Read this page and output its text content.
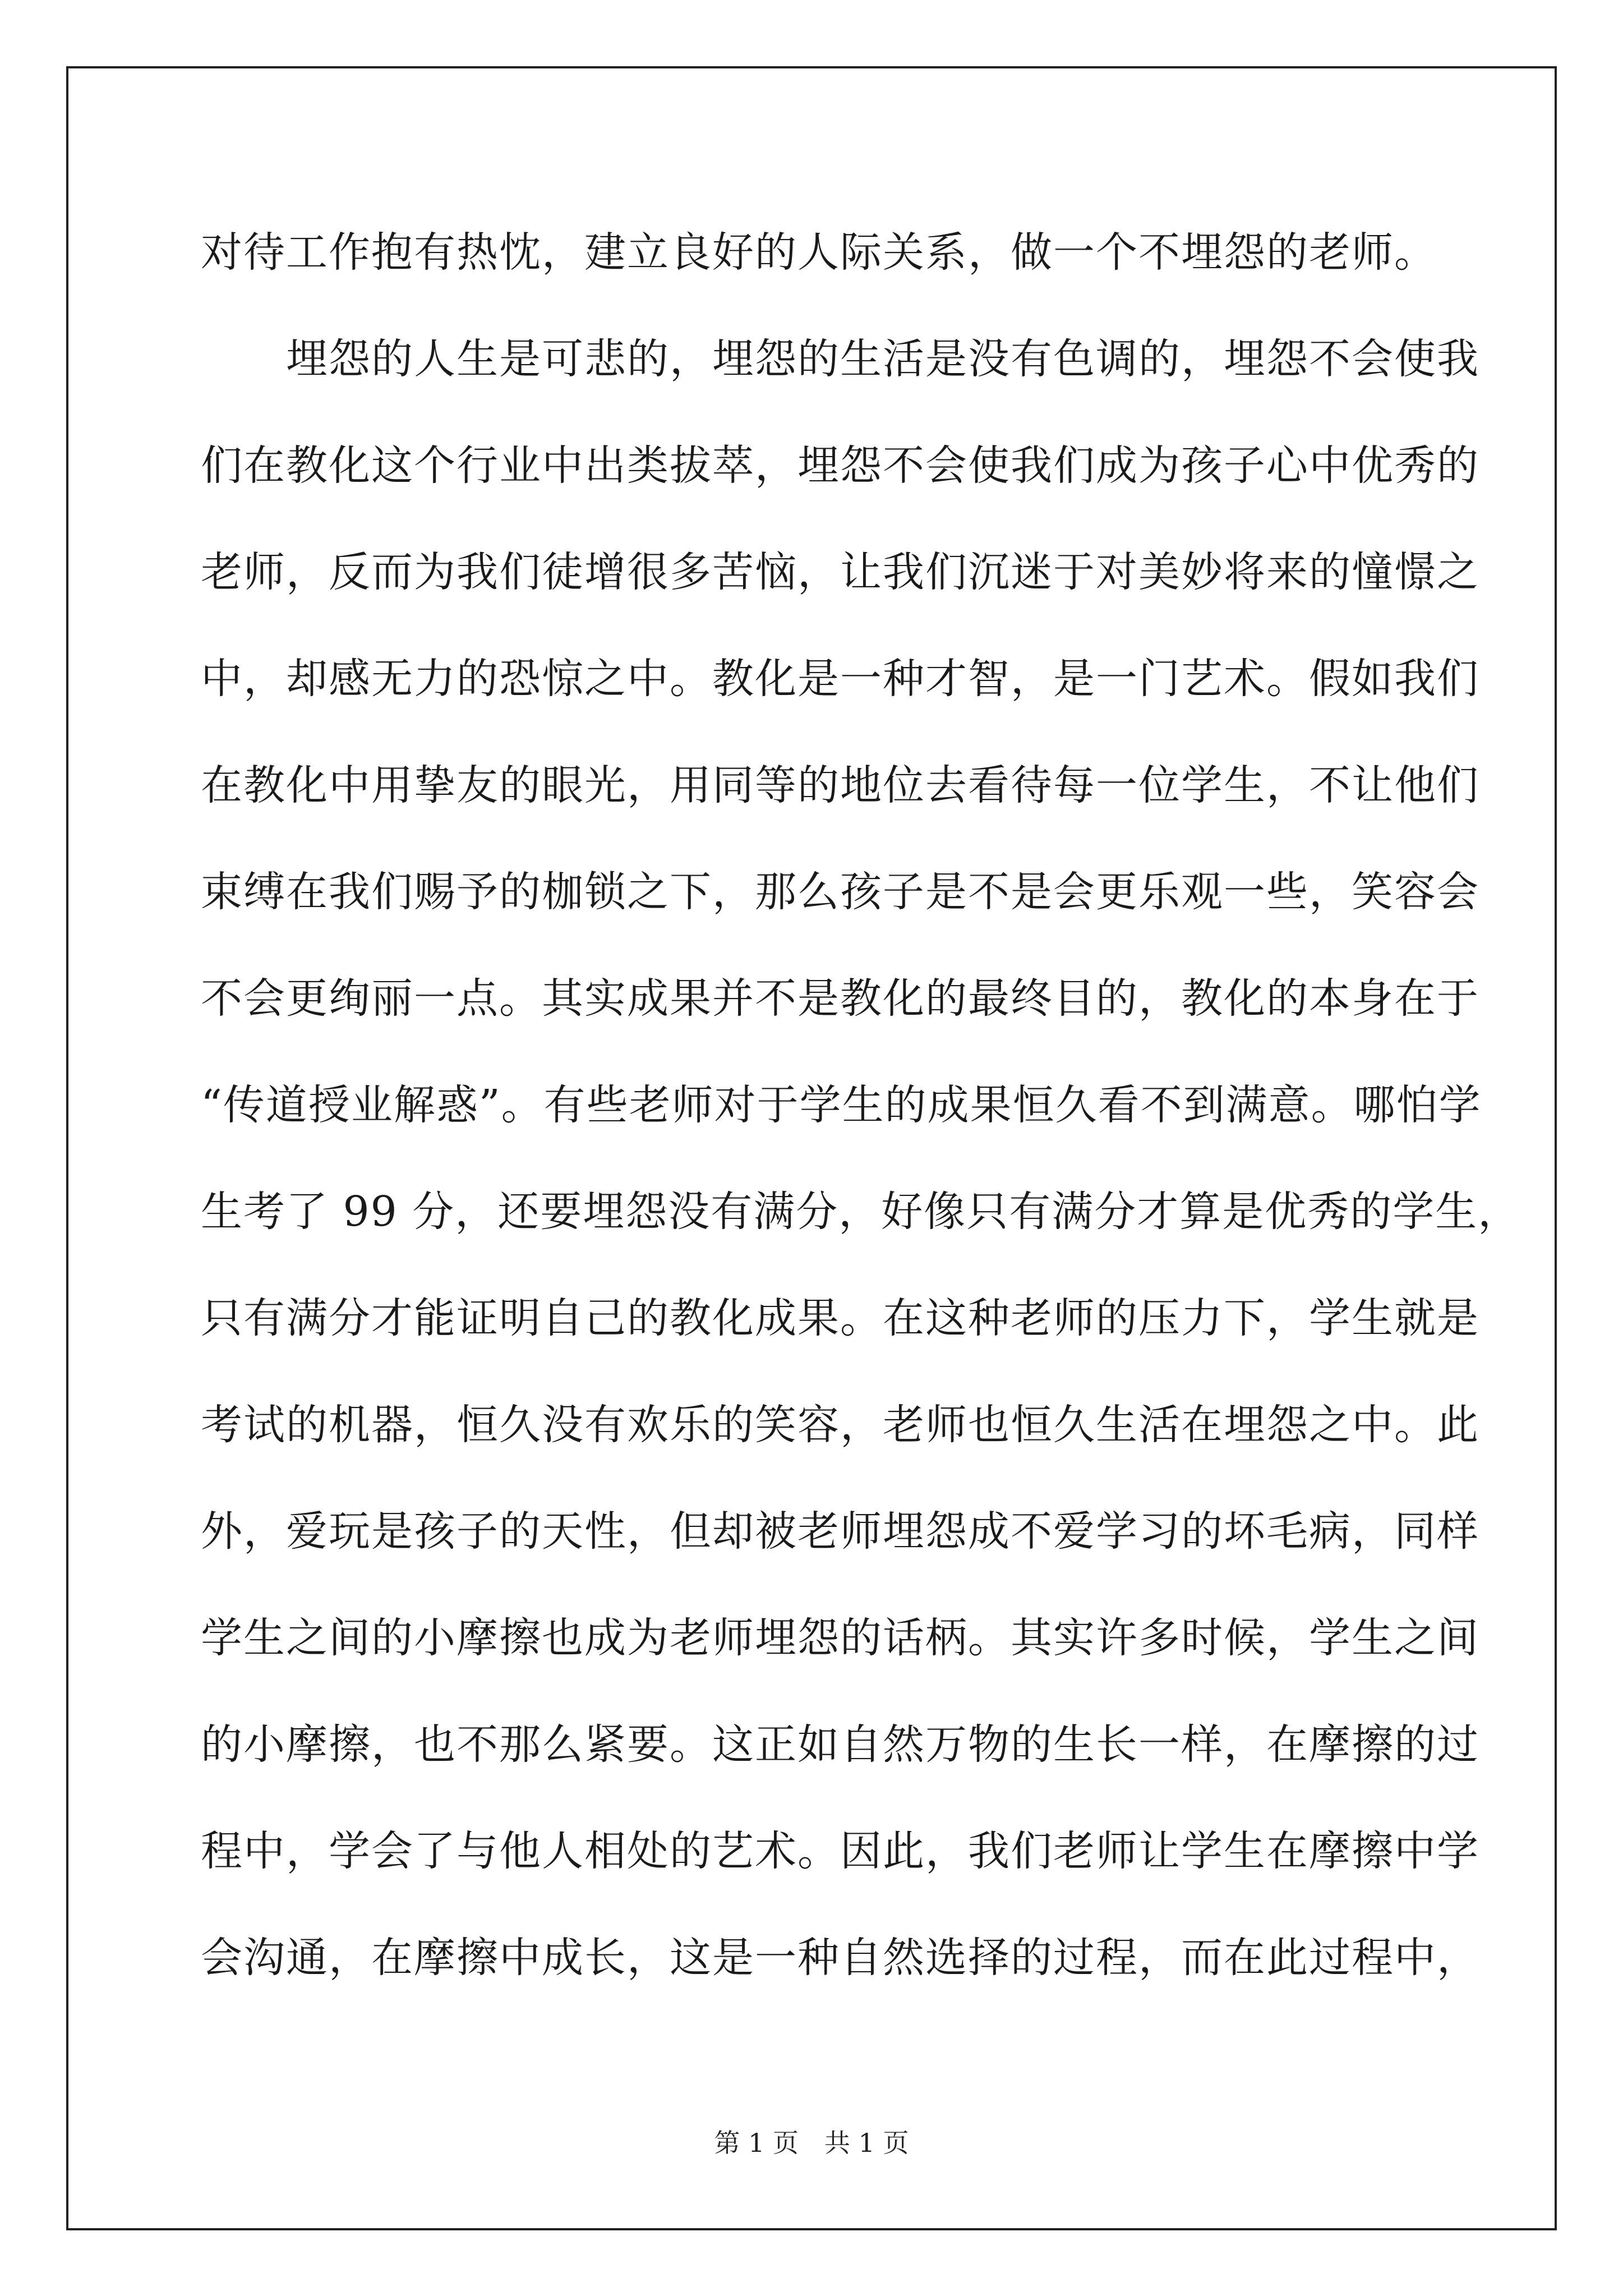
对待工作抱有热忱，建立良好的人际关系，做一个不埋怨的老师。
　　埋怨的人生是可悲的，埋怨的生活是没有色调的，埋怨不会使我
们在教化这个行业中出类拔萃，埋怨不会使我们成为孩子心中优秀的
老师，反而为我们徒增很多苦恼，让我们沉迷于对美妙将来的憧憬之
中，却感无力的恐惊之中。教化是一种才智，是一门艺术。假如我们
在教化中用挚友的眼光，用同等的地位去看待每一位学生，不让他们
束缚在我们赐予的枷锁之下，那么孩子是不是会更乐观一些，笑容会
不会更绚丽一点。其实成果并不是教化的最终目的，教化的本身在于
“传道授业解惑”。有些老师对于学生的成果恒久看不到满意。哪怕学
生考了 99 分，还要埋怨没有满分，好像只有满分才算是优秀的学生，
只有满分才能证明自己的教化成果。在这种老师的压力下，学生就是
考试的机器，恒久没有欢乐的笑容，老师也恒久生活在埋怨之中。此
外，爱玩是孩子的天性，但却被老师埋怨成不爱学习的坏毛病，同样
学生之间的小摩擦也成为老师埋怨的话柄。其实许多时候，学生之间
的小摩擦，也不那么紧要。这正如自然万物的生长一样，在摩擦的过
程中，学会了与他人相处的艺术。因此，我们老师让学生在摩擦中学
会沟通，在摩擦中成长，这是一种自然选择的过程，而在此过程中，
第 1 页 共 1 页
